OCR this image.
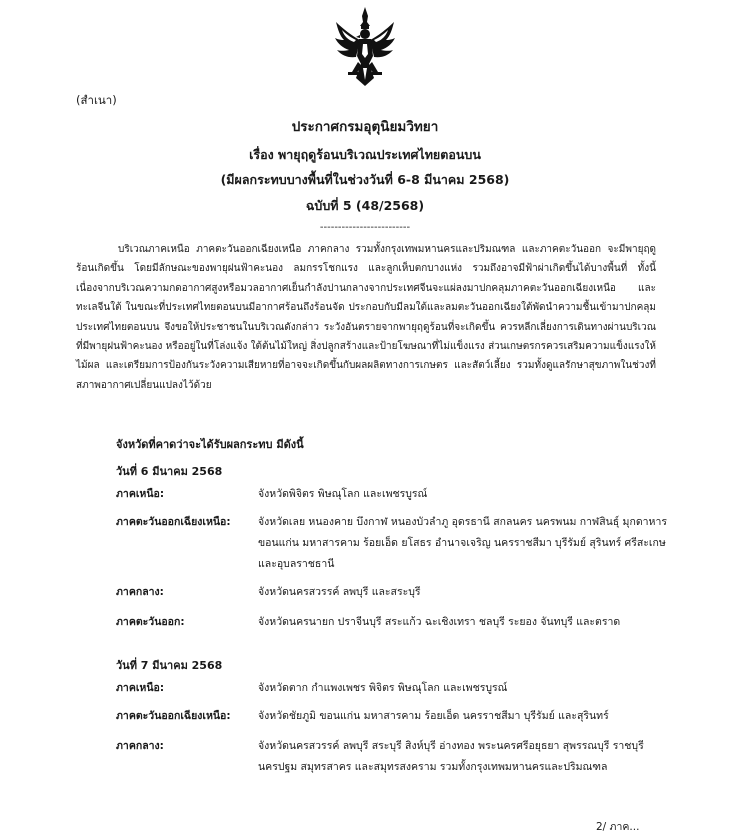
(สำเนา)
ประกาศกรมอุตุนิยมวิทยา
เรื่อง พายุฤดูร้อนบริเวณประเทศไทยตอนบน
(มีผลกระทบบางพื้นที่ในช่วงวันที่ 6-8 มีนาคม 2568)
ฉบับที่ 5 (48/2568)
-------------------------
บริเวณภาคเหนือ ภาคตะวันออกเฉียงเหนือ ภาคกลาง รวมทั้งกรุงเทพมหานครและปริมณฑล และภาคตะวันออก จะมีพายุฤดูร้อนเกิดขึ้น โดยมีลักษณะของพายุฝนฟ้าคะนอง ลมกรรโชกแรง และลูกเห็บตกบางแห่ง รวมถึงอาจมีฟ้าผ่าเกิดขึ้นได้บางพื้นที่ ทั้งนี้เนื่องจากบริเวณความกดอากาศสูงหรือมวลอากาศเย็นกำลังปานกลางจากประเทศจีนจะแผ่ลงมาปกคลุมภาคตะวันออกเฉียงเหนือ และทะเลจีนใต้ ในขณะที่ประเทศไทยตอนบนมีอากาศร้อนถึงร้อนจัด ประกอบกับมีลมใต้และลมตะวันออกเฉียงใต้พัดนำความชื้นเข้ามาปกคลุมประเทศไทยตอนบน จึงขอให้ประชาชนในบริเวณดังกล่าว ระวังอันตรายจากพายุฤดูร้อนที่จะเกิดขึ้น ควรหลีกเลี่ยงการเดินทางผ่านบริเวณที่มีพายุฝนฟ้าคะนอง หรืออยู่ในที่โล่งแจ้ง ใต้ต้นไม้ใหญ่ สิ่งปลูกสร้างและป้ายโฆษณาที่ไม่แข็งแรง ส่วนเกษตรกรควรเสริมความแข็งแรงให้ไม้ผล และเตรียมการป้องกันระวังความเสียหายที่อาจจะเกิดขึ้นกับผลผลิตทางการเกษตร และสัตว์เลี้ยง รวมทั้งดูแลรักษาสุขภาพในช่วงที่สภาพอากาศเปลี่ยนแปลงไว้ด้วย
จังหวัดที่คาดว่าจะได้รับผลกระทบ มีดังนี้
วันที่ 6 มีนาคม 2568
ภาคเหนือ:	จังหวัดพิจิตร พิษณุโลก และเพชรบูรณ์
ภาคตะวันออกเฉียงเหนือ:	จังหวัดเลย หนองคาย บึงกาฬ หนองบัวลำภู อุดรธานี สกลนคร นครพนม กาฬสินธุ์ มุกดาหาร ขอนแก่น มหาสารคาม ร้อยเอ็ด ยโสธร อำนาจเจริญ นครราชสีมา บุรีรัมย์ สุรินทร์ ศรีสะเกษ และอุบลราชธานี
ภาคกลาง:	จังหวัดนครสวรรค์ ลพบุรี และสระบุรี
ภาคตะวันออก:	จังหวัดนครนายก ปราจีนบุรี สระแก้ว ฉะเชิงเทรา ชลบุรี ระยอง จันทบุรี และตราด
วันที่ 7 มีนาคม 2568
ภาคเหนือ:	จังหวัดตาก กำแพงเพชร พิจิตร พิษณุโลก และเพชรบูรณ์
ภาคตะวันออกเฉียงเหนือ:	จังหวัดชัยภูมิ ขอนแก่น มหาสารคาม ร้อยเอ็ด นครราชสีมา บุรีรัมย์ และสุรินทร์
ภาคกลาง:	จังหวัดนครสวรรค์ ลพบุรี สระบุรี สิงห์บุรี อ่างทอง พระนครศรีอยุธยา สุพรรณบุรี ราชบุรี นครปฐม สมุทรสาคร และสมุทรสงคราม รวมทั้งกรุงเทพมหานครและปริมณฑล
2/ ภาค...
